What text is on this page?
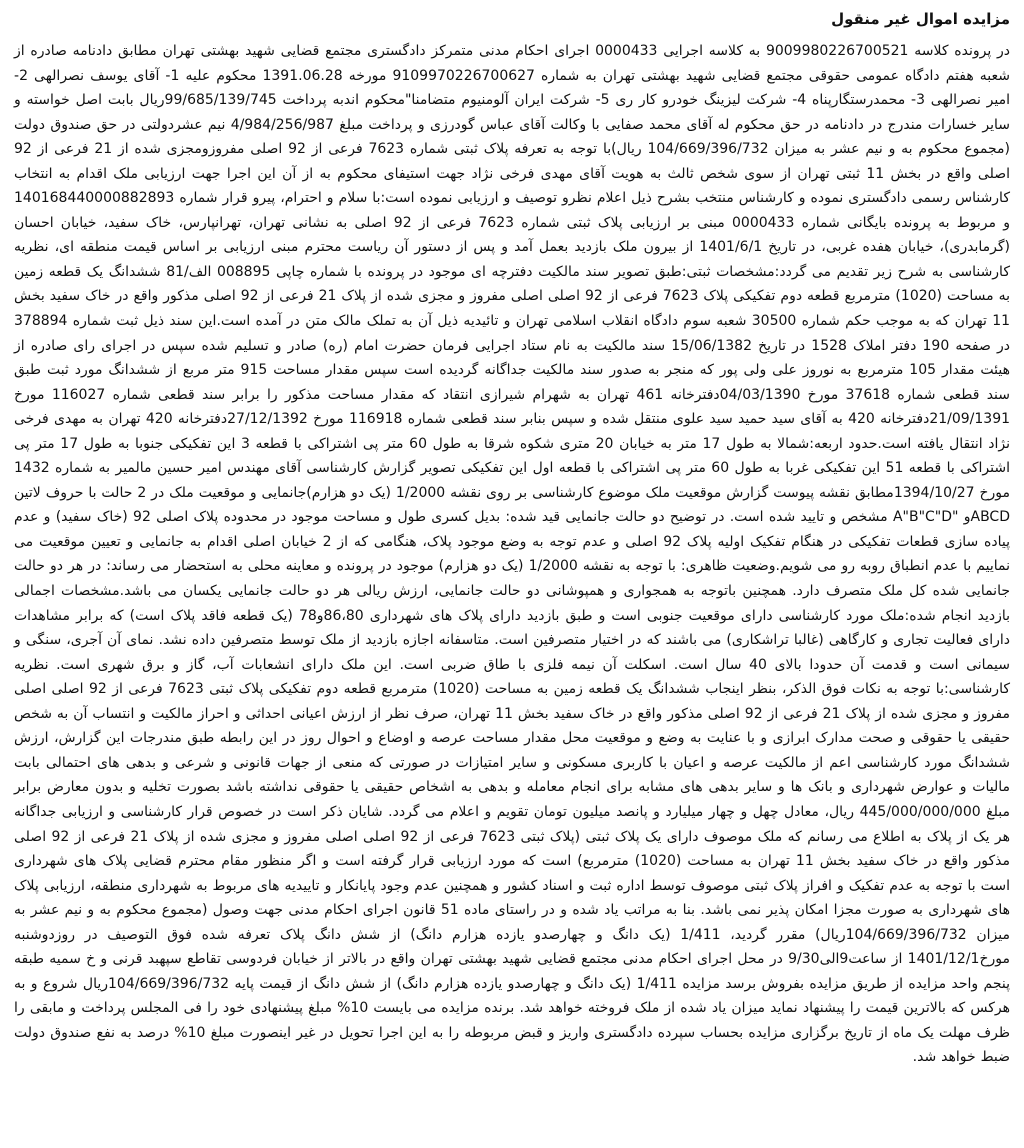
مزایده اموال غیر منقول

در پرونده کلاسه 9009980226700521 به کلاسه اجرایی 0000433 اجرای احکام مدنی متمرکز دادگستری مجتمع قضایی شهید بهشتی تهران مطابق دادنامه صادره از شعبه هفتم دادگاه عمومی حقوقی مجتمع قضایی شهید بهشتی تهران به شماره 9109970226700627 مورخه 1391.06.28 محکوم علیه 1- آقای یوسف نصرالهی 2- امیر نصرالهی 3- محمدرستگارپناه 4- شرکت لیزینگ خودرو کار ری 5- شرکت ایران آلومنیوم متضامنا"محکوم اندبه پرداخت 99/685/139/745ریال بابت اصل خواسته و سایر خسارات مندرج در دادنامه در حق محکوم له آقای محمد صفایی با وکالت آقای عباس گودرزی و پرداخت مبلغ 4/984/256/987 نیم عشردولتی در حق صندوق دولت (مجموع محکوم به و نیم عشر به میزان 104/669/396/732 ریال)با توجه به تعرفه پلاک ثبتی شماره 7623 فرعی از 92 اصلی مفروزومجزی شده از 21 فرعی از 92 اصلی واقع در بخش 11 ثبتی تهران از سوی شخص ثالث به هویت آقای مهدی فرخی نژاد جهت استیفای محکوم به از آن این اجرا جهت ارزیابی ملک اقدام به انتخاب کارشناس رسمی دادگستری نموده و کارشناس منتخب بشرح ذیل اعلام نظرو توصیف و ارزیابی نموده است:با سلام و احترام، پیرو قرار شماره 140168440000882893 و مربوط به پرونده بایگانی شماره 0000433 مبنی بر ارزیابی پلاک ثبتی شماره 7623 فرعی از 92 اصلی به نشانی تهران، تهرانپارس، خاک سفید، خیابان احسان (گرمابدری)، خیابان هفده غربی، در تاریخ 1401/6/1 از بیرون ملک بازدید بعمل آمد و پس از دستور آن ریاست محترم مبنی ارزیابی بر اساس قیمت منطقه ای، نظریه کارشناسی به شرح زیر تقدیم می گردد:مشخصات ثبتی:طبق تصویر سند مالکیت دفترچه ای موجود در پرونده با شماره چاپی 008895 الف/81 ششدانگ یک قطعه زمین به مساحت (1020) مترمربع قطعه دوم تفکیکی پلاک 7623 فرعی از 92 اصلی اصلی مفروز و مجزی شده از پلاک 21 فرعی از 92 اصلی مذکور واقع در خاک سفید بخش 11 تهران که به موجب حکم شماره 30500 شعبه سوم دادگاه انقلاب اسلامی تهران و تائیدیه ذیل آن به تملک مالک متن در آمده است.این سند ذیل ثبت شماره 378894 در صفحه 190 دفتر املاک 1528 در تاریخ 15/06/1382 سند مالکیت به نام ستاد اجرایی فرمان حضرت امام (ره) صادر و تسلیم شده سپس در اجرای رای صادره از هیئت مقدار 105 مترمربع به نوروز علی ولی پور که منجر به صدور سند مالکیت جداگانه گردیده است سپس مقدار مساحت 915 متر مربع از ششدانگ مورد ثبت طبق سند قطعی شماره 37618 مورخ 04/03/1390دفترخانه 461 تهران به شهرام شیرازی انتقاد که مقدار مساحت مذکور را برابر سند قطعی شماره 116027 مورخ 21/09/1391دفترخانه 420 به آقای سید حمید سید علوی منتقل شده و سپس بنابر سند قطعی شماره 116918 مورخ 27/12/1392دفترخانه 420 تهران به مهدی فرخی نژاد انتقال یافته است.حدود اربعه:شمالا به طول 17 متر به خیابان 20 متری شکوه شرقا به طول 60 متر پی اشتراکی با قطعه 3 این تفکیکی جنوبا به طول 17 متر پی اشتراکی با قطعه 51 این تفکیکی غربا به طول 60 متر پی اشتراکی با قطعه اول این تفکیکی تصویر گزارش کارشناسی آقای مهندس امیر حسین مالمیر به شماره 1432 مورخ 1394/10/27مطابق نقشه پیوست گزارش موقعیت ملک موضوع کارشناسی بر روی نقشه 1/2000 (یک دو هزارم)جانمایی و موقعیت ملک در 2 حالت با حروف لاتین ABCDو "A"B"C"D مشخص و تایید شده است. در توضیح دو حالت جانمایی قید شده: بدیل کسری طول و مساحت موجود در محدوده پلاک اصلی 92 (خاک سفید) و عدم پیاده سازی قطعات تفکیکی در هنگام تفکیک اولیه پلاک 92 اصلی و عدم توجه به وضع موجود پلاک، هنگامی که از 2 خیابان اصلی اقدام به جانمایی و تعیین موقعیت می نماییم با عدم انطباق روبه رو می شویم.وضعیت ظاهری: با توجه به نقشه 1/2000 (یک دو هزارم) موجود در پرونده و معاینه محلی به استحضار می رساند: در هر دو حالت جانمایی شده کل ملک متصرف دارد. همچنین باتوجه به همجواری و همپوشانی دو حالت جانمایی، ارزش ریالی هر دو حالت جانمایی یکسان می باشد.مشخصات اجمالی بازدید انجام شده:ملک مورد کارشناسی دارای موقعیت جنوبی است و طبق بازدید دارای پلاک های شهرداری 86،80و78 (یک قطعه فاقد پلاک است) که برابر مشاهدات دارای فعالیت تجاری و کارگاهی (غالبا تراشکاری) می باشند که در اختیار متصرفین است. متاسفانه اجازه بازدید از ملک توسط متصرفین داده نشد. نمای آن آجری، سنگی و سیمانی است و قدمت آن حدودا بالای 40 سال است. اسکلت آن نیمه فلزی با طاق ضربی است. این ملک دارای انشعابات آب، گاز و برق شهری است. نظریه کارشناسی:با توجه به نکات فوق الذکر، بنظر اینجاب ششدانگ یک قطعه زمین به مساحت (1020) مترمربع قطعه دوم تفکیکی پلاک ثبتی 7623 فرعی از 92 اصلی اصلی مفروز و مجزی شده از پلاک 21 فرعی از 92 اصلی مذکور واقع در خاک سفید بخش 11 تهران، صرف نظر از ارزش اعیانی احداثی و احراز مالکیت و انتساب آن به شخص حقیقی یا حقوقی و صحت مدارک ابرازی و با عنایت به وضع و موقعیت محل مقدار مساحت عرصه و اوضاع و احوال روز در این رابطه طبق مندرجات این گزارش، ارزش ششدانگ مورد کارشناسی اعم از مالکیت عرصه و اعیان با کاربری مسکونی و سایر امتیازات در صورتی که منعی از جهات قانونی و شرعی و بدهی های احتمالی بابت مالیات و عوارض شهرداری و بانک ها و سایر بدهی های مشابه برای انجام معامله و بدهی به اشخاص حقیقی یا حقوقی نداشته باشد بصورت تخلیه و بدون معارض برابر مبلغ 445/000/000/000 ریال، معادل چهل و چهار میلیارد و پانصد میلیون تومان تقویم و اعلام می گردد. شایان ذکر است در خصوص قرار کارشناسی و ارزیابی جداگانه هر یک از پلاک به اطلاع می رسانم که ملک موصوف دارای یک پلاک ثبتی (پلاک ثبتی 7623 فرعی از 92 اصلی اصلی مفروز و مجزی شده از پلاک 21 فرعی از 92 اصلی مذکور واقع در خاک سفید بخش 11 تهران به مساحت (1020) مترمربع) است که مورد ارزیابی قرار گرفته است و اگر منظور مقام محترم قضایی پلاک های شهرداری است با توجه به عدم تفکیک و افراز پلاک ثبتی موصوف توسط اداره ثبت و اسناد کشور و همچنین عدم وجود پایانکار و تاییدیه های مربوط به شهرداری منطقه، ارزیابی پلاک های شهرداری به صورت مجزا امکان پذیر نمی باشد. بنا به مراتب یاد شده و در راستای ماده 51 قانون اجرای احکام مدنی جهت وصول (مجموع محکوم به و نیم عشر به میزان 104/669/396/732ریال) مقرر گردید، 1/411 (یک دانگ و چهارصدو یازده هزارم دانگ) از شش دانگ پلاک تعرفه شده فوق التوصیف در روزدوشنبه مورخ1401/12/1 از ساعت9الی9/30 در محل اجرای احکام مدنی مجتمع قضایی شهید بهشتی تهران واقع در بالاتر از خیابان فردوسی تقاطع سپهبد قرنی و خ سمیه طبقه پنجم واحد مزایده از طریق مزایده بفروش برسد مزایده 1/411 (یک دانگ و چهارصدو یازده هزارم دانگ) از شش دانگ از قیمت پایه 104/669/396/732ریال شروع و به هرکس که بالاترین قیمت را پیشنهاد نماید میزان یاد شده از ملک فروخته خواهد شد. برنده مزایده می بایست 10% مبلغ پیشنهادی خود را فی المجلس پرداخت و مابقی را ظرف مهلت یک ماه از تاریخ برگزاری مزایده بحساب سپرده دادگستری واریز و قبض مربوطه را به این اجرا تحویل در غیر اینصورت مبلغ 10% درصد به نفع صندوق دولت ضبط خواهد شد.
